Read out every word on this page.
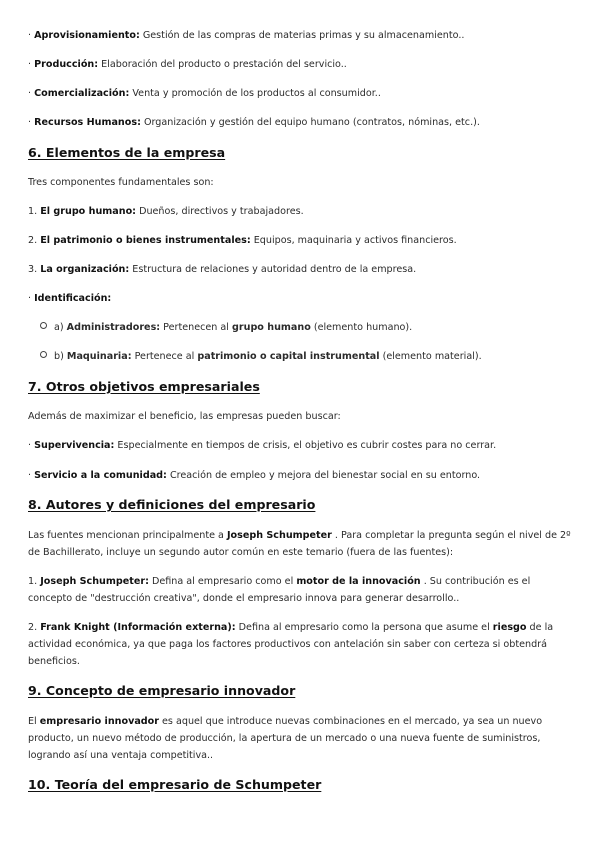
· Aprovisionamiento: Gestión de las compras de materias primas y su almacenamiento..
· Producción: Elaboración del producto o prestación del servicio..
· Comercialización: Venta y promoción de los productos al consumidor..
· Recursos Humanos: Organización y gestión del equipo humano (contratos, nóminas, etc.).
6. Elementos de la empresa
Tres componentes fundamentales son:
1. El grupo humano: Dueños, directivos y trabajadores.
2. El patrimonio o bienes instrumentales: Equipos, maquinaria y activos financieros.
3. La organización: Estructura de relaciones y autoridad dentro de la empresa.
· Identificación:
a) Administradores: Pertenecen al grupo humano (elemento humano).
b) Maquinaria: Pertenece al patrimonio o capital instrumental (elemento material).
7. Otros objetivos empresariales
Además de maximizar el beneficio, las empresas pueden buscar:
· Supervivencia: Especialmente en tiempos de crisis, el objetivo es cubrir costes para no cerrar.
· Servicio a la comunidad: Creación de empleo y mejora del bienestar social en su entorno.
8. Autores y definiciones del empresario
Las fuentes mencionan principalmente a Joseph Schumpeter . Para completar la pregunta según el nivel de 2º de Bachillerato, incluye un segundo autor común en este temario (fuera de las fuentes):
1. Joseph Schumpeter: Defina al empresario como el motor de la innovación . Su contribución es el concepto de "destrucción creativa", donde el empresario innova para generar desarrollo..
2. Frank Knight (Información externa): Defina al empresario como la persona que asume el riesgo de la actividad económica, ya que paga los factores productivos con antelación sin saber con certeza si obtendrá beneficios.
9. Concepto de empresario innovador
El empresario innovador es aquel que introduce nuevas combinaciones en el mercado, ya sea un nuevo producto, un nuevo método de producción, la apertura de un mercado o una nueva fuente de suministros, logrando así una ventaja competitiva..
10. Teoría del empresario de Schumpeter
